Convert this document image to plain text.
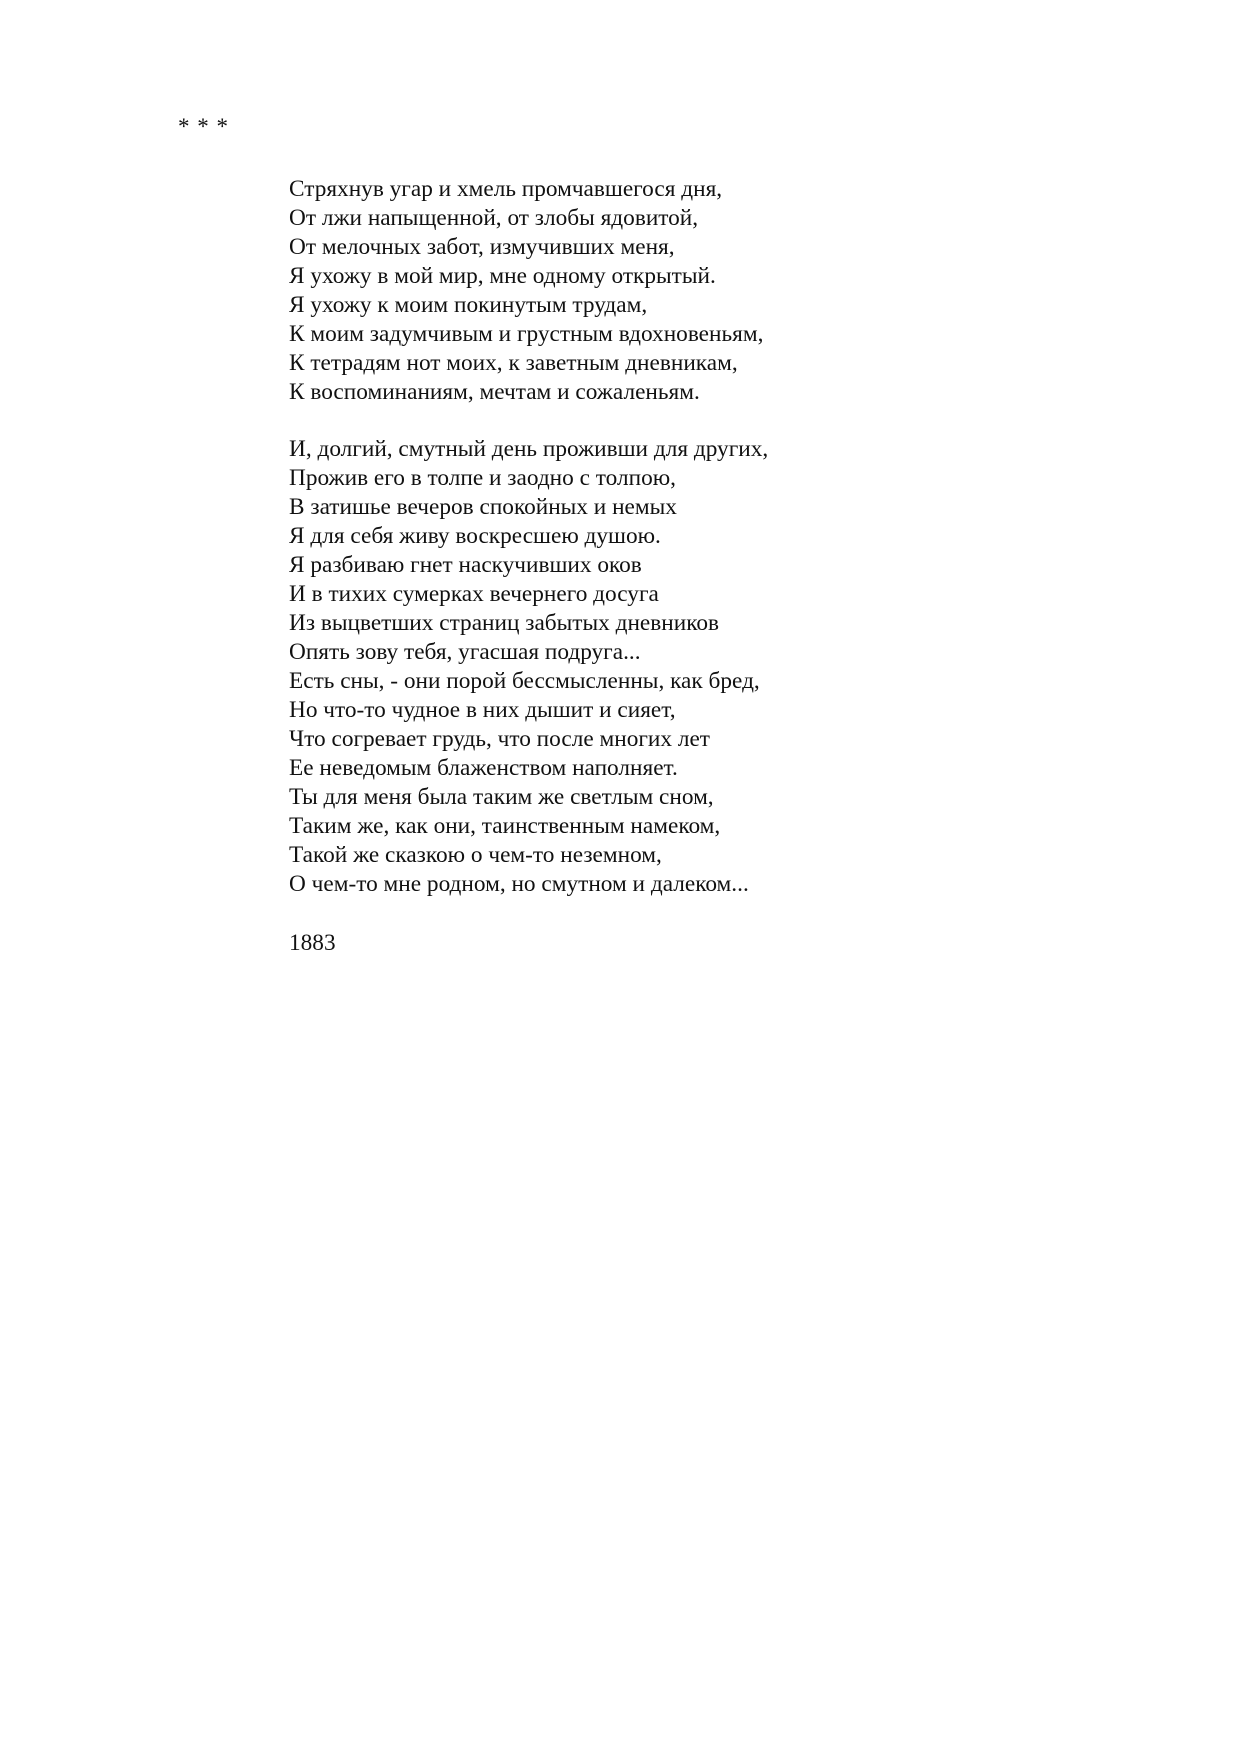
* * *
Стряхнув угар и хмель промчавшегося дня,
От лжи напыщенной, от злобы ядовитой,
От мелочных забот, измучивших меня,
Я ухожу в мой мир, мне одному открытый.
Я ухожу к моим покинутым трудам,
К моим задумчивым и грустным вдохновеньям,
К тетрадям нот моих, к заветным дневникам,
К воспоминаниям, мечтам и сожаленьям.
И, долгий, смутный день проживши для других,
Прожив его в толпе и заодно с толпою,
В затишье вечеров спокойных и немых
Я для себя живу воскресшею душою.
Я разбиваю гнет наскучивших оков
И в тихих сумерках вечернего досуга
Из выцветших страниц забытых дневников
Опять зову тебя, угасшая подруга...
Есть сны, - они порой бессмысленны, как бред,
Но что-то чудное в них дышит и сияет,
Что согревает грудь, что после многих лет
Ее неведомым блаженством наполняет.
Ты для меня была таким же светлым сном,
Таким же, как они, таинственным намеком,
Такой же сказкою о чем-то неземном,
О чем-то мне родном, но смутном и далеком...
1883
